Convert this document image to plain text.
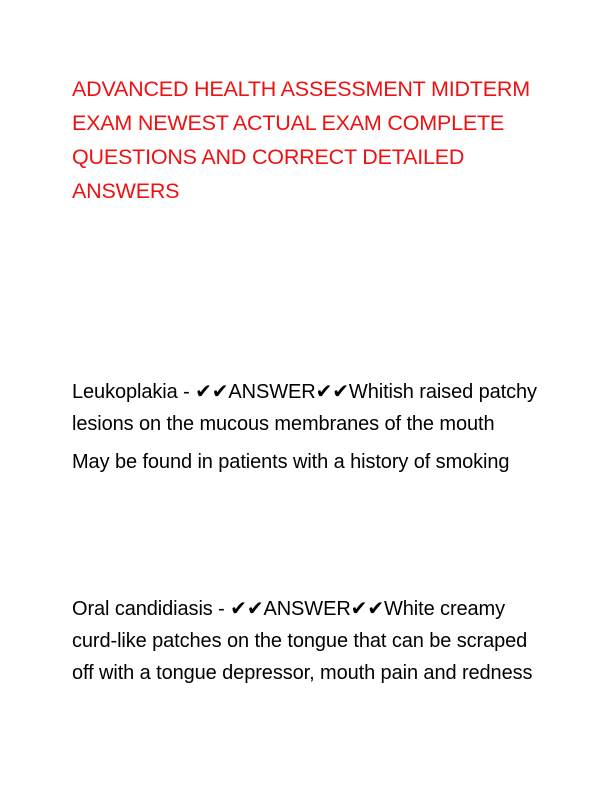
ADVANCED HEALTH ASSESSMENT MIDTERM EXAM NEWEST ACTUAL EXAM COMPLETE QUESTIONS AND CORRECT DETAILED ANSWERS

Leukoplakia - ✔✔ANSWER✔✔Whitish raised patchy lesions on the mucous membranes of the mouth

May be found in patients with a history of smoking

Oral candidiasis - ✔✔ANSWER✔✔White creamy curd-like patches on the tongue that can be scraped off with a tongue depressor, mouth pain and redness
